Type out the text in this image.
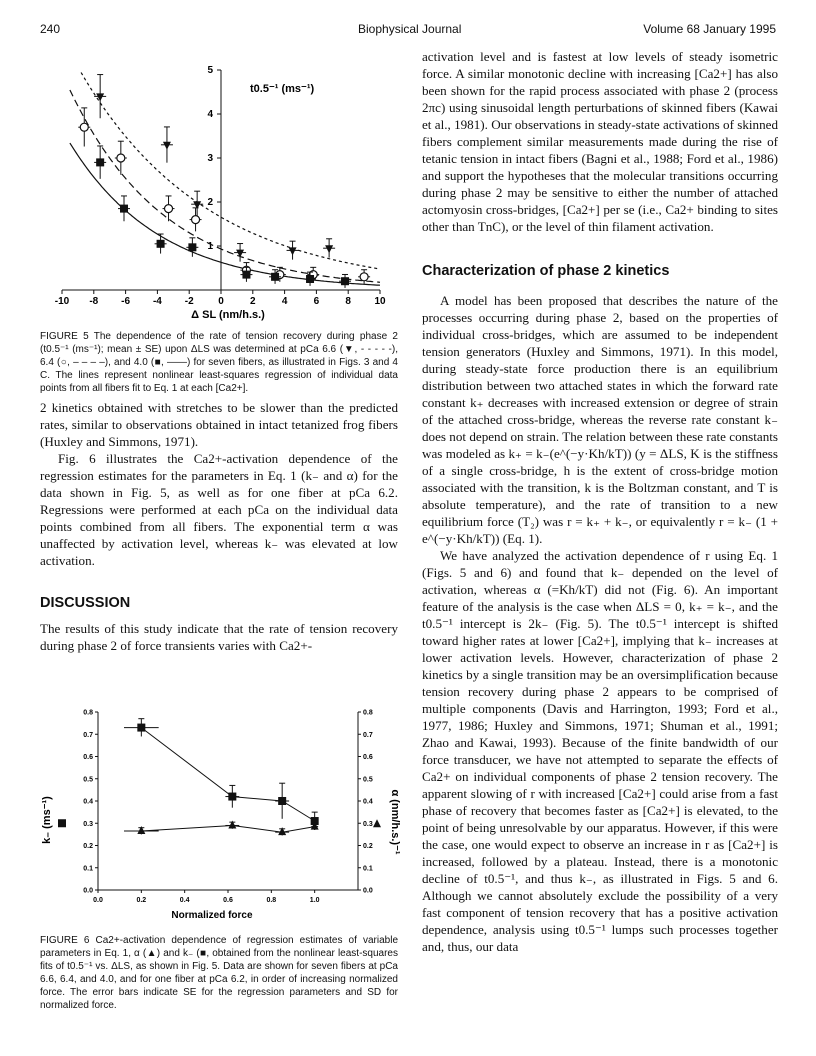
240	Biophysical Journal	Volume 68 January 1995
-10 -8 -6 -4 -2 0	2	4	6	8 10
1
2
3
4
5
t0.5⁻¹ (ms⁻¹)
Δ SL (nm/h.s.)
FIGURE 5 The dependence of the rate of tension recovery during phase 2 (t0.5⁻¹ (ms⁻¹); mean ± SE) upon ΔLS was determined at pCa 6.6 (▼, - - - - -), 6.4 (○, – – – –), and 4.0 (■, ——) for seven fibers, as illustrated in Figs. 3 and 4 C. The lines represent nonlinear least-squares regression of individual data points from all fibers fit to Eq. 1 at each [Ca2+].

2 kinetics obtained with stretches to be slower than the predicted rates, similar to observations obtained in intact tetanized frog fibers (Huxley and Simmons, 1971).

Fig. 6 illustrates the Ca2+-activation dependence of the regression estimates for the parameters in Eq. 1 (k₋ and α) for the data shown in Fig. 5, as well as for one fiber at pCa 6.2. Regressions were performed at each pCa on the individual data points combined from all fibers. The exponential term α was unaffected by activation level, whereas k₋ was elevated at low activation.

DISCUSSION

The results of this study indicate that the rate of tension recovery during phase 2 of force transients varies with Ca2+-

0.0	0.2	0.4	0.6	0.8	1.0
0.0	0.0
0.1	0.1
0.2	0.2
0.3	0.3
0.4	0.4
0.5	0.5
0.6	0.6
0.7	0.7
0.8	0.8
k₋ (ms⁻¹)	α (nm/h.s.)⁻¹
Normalized force
FIGURE 6 Ca2+-activation dependence of regression estimates of variable parameters in Eq. 1, α (▲) and k₋ (■, obtained from the nonlinear least-squares fits of t0.5⁻¹ vs. ΔLS, as shown in Fig. 5. Data are shown for seven fibers at pCa 6.6, 6.4, and 4.0, and for one fiber at pCa 6.2, in order of increasing normalized force. The error bars indicate SE for the regression parameters and SD for normalized force.

activation level and is fastest at low levels of steady isometric force. A similar monotonic decline with increasing [Ca2+] has also been shown for the rapid process associated with phase 2 (process 2πc) using sinusoidal length perturbations of skinned fibers (Kawai et al., 1981). Our observations in steady-state activations of skinned fibers complement similar measurements made during the rise of tetanic tension in intact fibers (Bagni et al., 1988; Ford et al., 1986) and support the hypotheses that the molecular transitions occurring during phase 2 may be sensitive to either the number of attached actomyosin cross-bridges, [Ca2+] per se (i.e., Ca2+ binding to sites other than TnC), or the level of thin filament activation.

Characterization of phase 2 kinetics

A model has been proposed that describes the nature of the processes occurring during phase 2, based on the properties of individual cross-bridges, which are assumed to be independent tension generators (Huxley and Simmons, 1971). In this model, during steady-state force production there is an equilibrium distribution between two attached states in which the forward rate constant k₊ decreases with increased extension or degree of strain of the attached cross-bridge, whereas the reverse rate constant k₋ does not depend on strain. The relation between these rate constants was modeled as k₊ = k₋(e^(−y·Kh/kT)) (y = ΔLS, K is the stiffness of a single cross-bridge, h is the extent of cross-bridge motion associated with the transition, k is the Boltzman constant, and T is absolute temperature), and the rate of transition to a new equilibrium force (T₂) was r = k₊ + k₋, or equivalently r = k₋ (1 + e^(−y·Kh/kT)) (Eq. 1).

We have analyzed the activation dependence of r using Eq. 1 (Figs. 5 and 6) and found that k₋ depended on the level of activation, whereas α (=Kh/kT) did not (Fig. 6). An important feature of the analysis is the case when ΔLS = 0, k₊ = k₋, and the t0.5⁻¹ intercept is 2k₋ (Fig. 5). The t0.5⁻¹ intercept is shifted toward higher rates at lower [Ca2+], implying that k₋ increases at lower activation levels. However, characterization of phase 2 kinetics by a single transition may be an oversimplification because tension recovery during phase 2 appears to be comprised of multiple components (Davis and Harrington, 1993; Ford et al., 1977, 1986; Huxley and Simmons, 1971; Shuman et al., 1991; Zhao and Kawai, 1993). Because of the finite bandwidth of our force transducer, we have not attempted to separate the effects of Ca2+ on individual components of phase 2 tension recovery. The apparent slowing of r with increased [Ca2+] could arise from a fast phase of recovery that becomes faster as [Ca2+] is elevated, to the point of being unresolvable by our apparatus. However, if this were the case, one would expect to observe an increase in r as [Ca2+] is increased, followed by a plateau. Instead, there is a monotonic decline of t0.5⁻¹, and thus k₋, as illustrated in Figs. 5 and 6. Although we cannot absolutely exclude the possibility of a very fast component of tension recovery that has a positive activation dependence, analysis using t0.5⁻¹ lumps such processes together and, thus, our data
